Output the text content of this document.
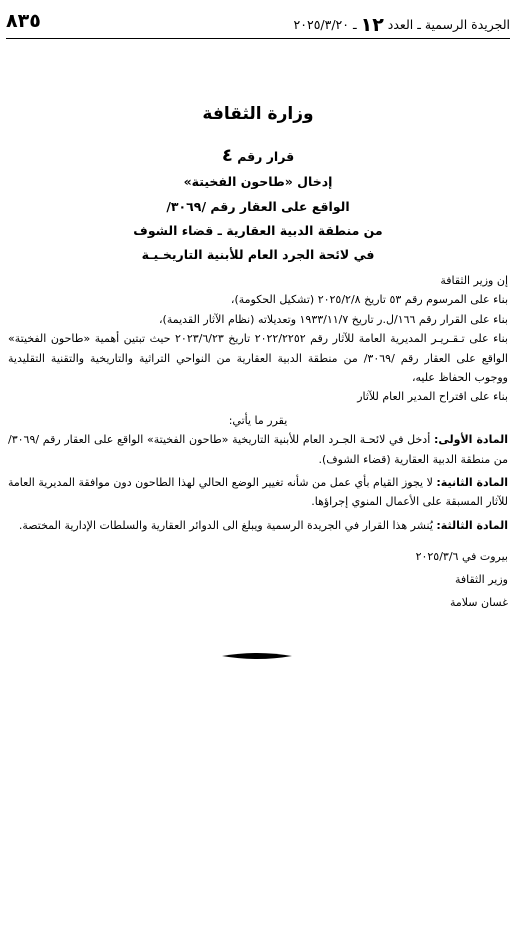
الجريدة الرسمية ـ العدد ١٢ ـ ٢٠٢٥/٣/٢٠
٨٣٥
وزارة الثقافة
قرار رقم ٤
إدخال «طاحون الفخيتة»
الواقع على العقار رقم /٣٠٦٩/
من منطقة الدبية العقارية ـ قضاء الشوف
في لائحة الجرد العام للأبنية التاريخـيـة

إن وزير الثقافة

بناء على المرسوم رقم ٥٣ تاريخ ٢٠٢٥/٢/٨ (تشكيل الحكومة)،

بناء على القرار رقم ١٦٦/ل.ر تاريخ ١٩٣٣/١١/٧ وتعديلاته (نظام الآثار القديمة)،

بناء على تـقـريـر المديرية العامة للآثار رقم ٢٠٢٢/٢٢٥٢ تاريخ ٢٠٢٣/٦/٢٣ حيث تبتين أهمية «طاحون الفخيتة» الواقع على العقار رقم /٣٠٦٩/ من منطقة الدبية العقارية من النواحي التراثية والتاريخية والتقنية التقليدية ووجوب الحفاظ عليه،

بناء على اقتراح المدير العام للآثار

يقرر ما يأتي:

المادة الأولى: أدخل في لائحـة الجـرد العام للأبنية التاريخية «طاحون الفخيتة» الواقع على العقار رقم /٣٠٦٩/ من منطقة الدبية العقارية (قضاء الشوف).

المادة الثانية: لا يجوز القيام بأي عمل من شأنه تغيير الوضع الحالي لهذا الطاحون دون موافقة المديرية العامة للآثار المسبقة على الأعمال المنوي إجراؤها.

المادة الثالثة: يُنشر هذا القرار في الجريدة الرسمية ويبلغ الى الدوائر العقارية والسلطات الإدارية المختصة.

بيروت في ٢٠٢٥/٣/٦

وزير الثقافة

غسان سلامة
